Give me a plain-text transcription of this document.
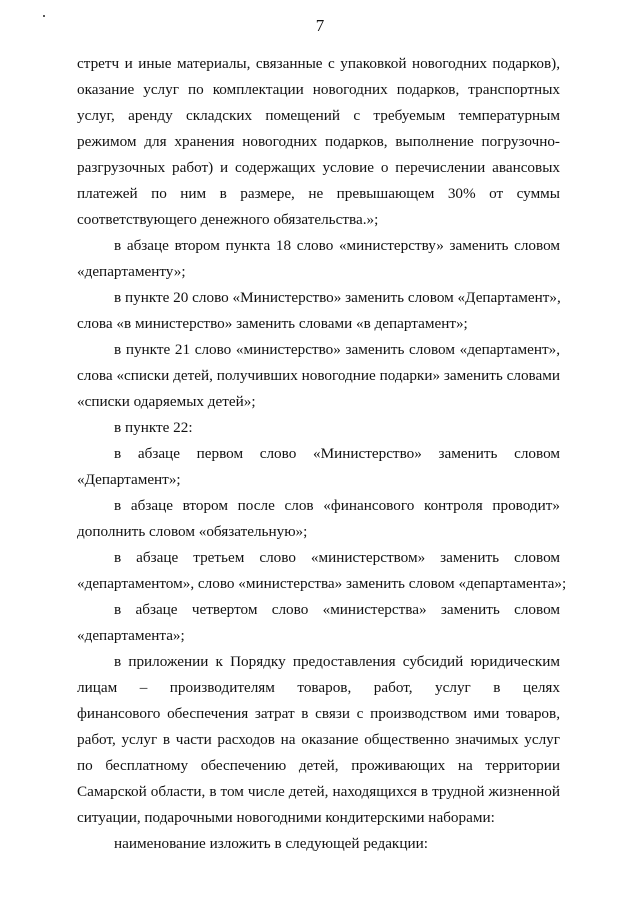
7
стретч и иные материалы, связанные с упаковкой новогодних подарков),
оказание услуг по комплектации новогодних подарков, транспортных
услуг, аренду складских помещений с требуемым температурным
режимом для хранения новогодних подарков, выполнение погрузочно-
разгрузочных работ) и содержащих условие о перечислении авансовых
платежей по ним в размере, не превышающем 30% от суммы
соответствующего денежного обязательства.»;
в абзаце втором пункта 18 слово «министерству» заменить словом
«департаменту»;
в пункте 20 слово «Министерство» заменить словом «Департамент»,
слова «в министерство» заменить словами «в департамент»;
в пункте 21 слово «министерство» заменить словом «департамент»,
слова «списки детей, получивших новогодние подарки» заменить словами
«списки одаряемых детей»;
в пункте 22:
в абзаце первом слово «Министерство» заменить словом
«Департамент»;
в абзаце втором после слов «финансового контроля проводит»
дополнить словом «обязательную»;
в абзаце третьем слово «министерством» заменить словом
«департаментом», слово «министерства» заменить словом «департамента»;
в абзаце четвертом слово «министерства» заменить словом
«департамента»;
в приложении к Порядку предоставления субсидий юридическим
лицам – производителям товаров, работ, услуг в целях
финансового обеспечения затрат в связи с производством ими товаров,
работ, услуг в части расходов на оказание общественно значимых услуг
по бесплатному обеспечению детей, проживающих на территории
Самарской области, в том числе детей, находящихся в трудной жизненной
ситуации, подарочными новогодними кондитерскими наборами:
наименование изложить в следующей редакции:
